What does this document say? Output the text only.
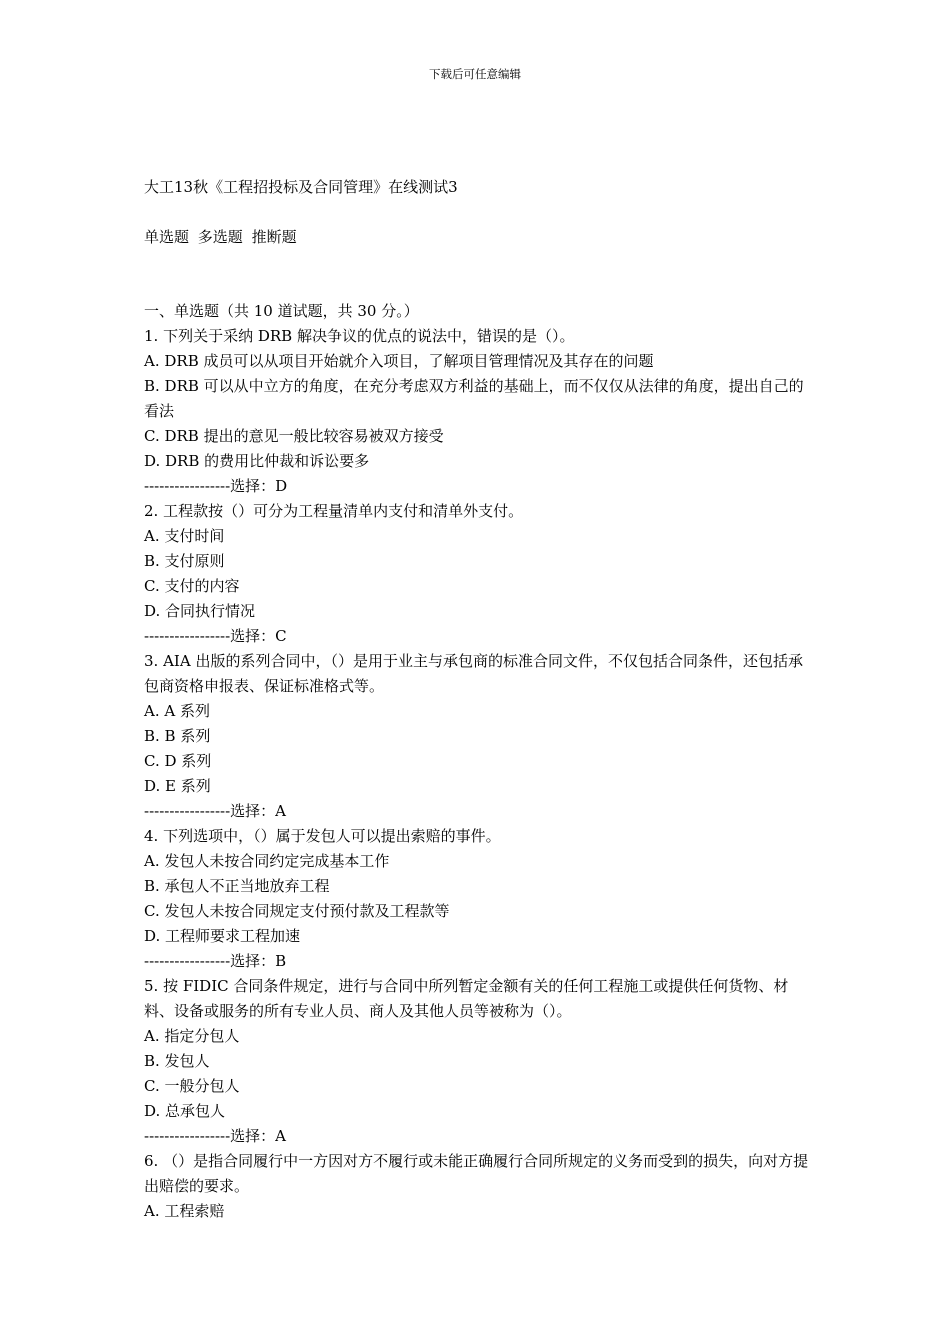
下载后可任意编辑
大工13秋《工程招投标及合同管理》在线测试3
单选题 多选题 推断题
一、单选题（共 10 道试题，共 30 分。）
1. 下列关于采纳 DRB 解决争议的优点的说法中，错误的是（）。
A. DRB 成员可以从项目开始就介入项目，了解项目管理情况及其存在的问题
B. DRB 可以从中立方的角度，在充分考虑双方利益的基础上，而不仅仅从法律的角度，提出自己的看法
C. DRB 提出的意见一般比较容易被双方接受
D. DRB 的费用比仲裁和诉讼要多
-----------------选择：D
2. 工程款按（）可分为工程量清单内支付和清单外支付。
A. 支付时间
B. 支付原则
C. 支付的内容
D. 合同执行情况
-----------------选择：C
3. AIA 出版的系列合同中，（）是用于业主与承包商的标准合同文件，不仅包括合同条件，还包括承包商资格申报表、保证标准格式等。
A. A 系列
B. B 系列
C. D 系列
D. E 系列
-----------------选择：A
4. 下列选项中，（）属于发包人可以提出索赔的事件。
A. 发包人未按合同约定完成基本工作
B. 承包人不正当地放弃工程
C. 发包人未按合同规定支付预付款及工程款等
D. 工程师要求工程加速
-----------------选择：B
5. 按 FIDIC 合同条件规定，进行与合同中所列暂定金额有关的任何工程施工或提供任何货物、材料、设备或服务的所有专业人员、商人及其他人员等被称为（）。
A. 指定分包人
B. 发包人
C. 一般分包人
D. 总承包人
-----------------选择：A
6. （）是指合同履行中一方因对方不履行或未能正确履行合同所规定的义务而受到的损失，向对方提出赔偿的要求。
A. 工程索赔
